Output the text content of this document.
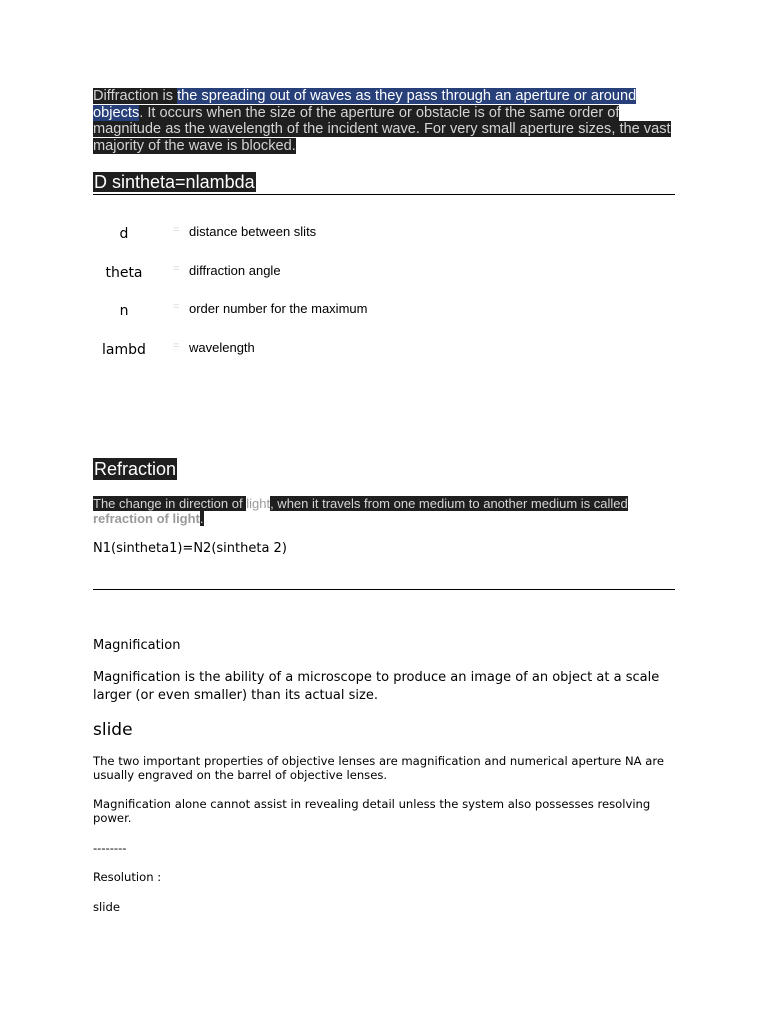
Diffraction is the spreading out of waves as they pass through an aperture or around objects. It occurs when the size of the aperture or obstacle is of the same order of magnitude as the wavelength of the incident wave. For very small aperture sizes, the vast majority of the wave is blocked.
D sintheta=nlambda
d	= distance between slits
theta	= diffraction angle
n	= order number for the maximum
lambd	= wavelength
Refraction
The change in direction of light, when it travels from one medium to another medium is called refraction of light.
N1(sintheta1)=N2(sintheta 2)
Magnification
Magnification is the ability of a microscope to produce an image of an object at a scale larger (or even smaller) than its actual size.
slide
The two important properties of objective lenses are magnification and numerical aperture NA are usually engraved on the barrel of objective lenses.
Magnification alone cannot assist in revealing detail unless the system also possesses resolving power.
--------
Resolution :
slide
